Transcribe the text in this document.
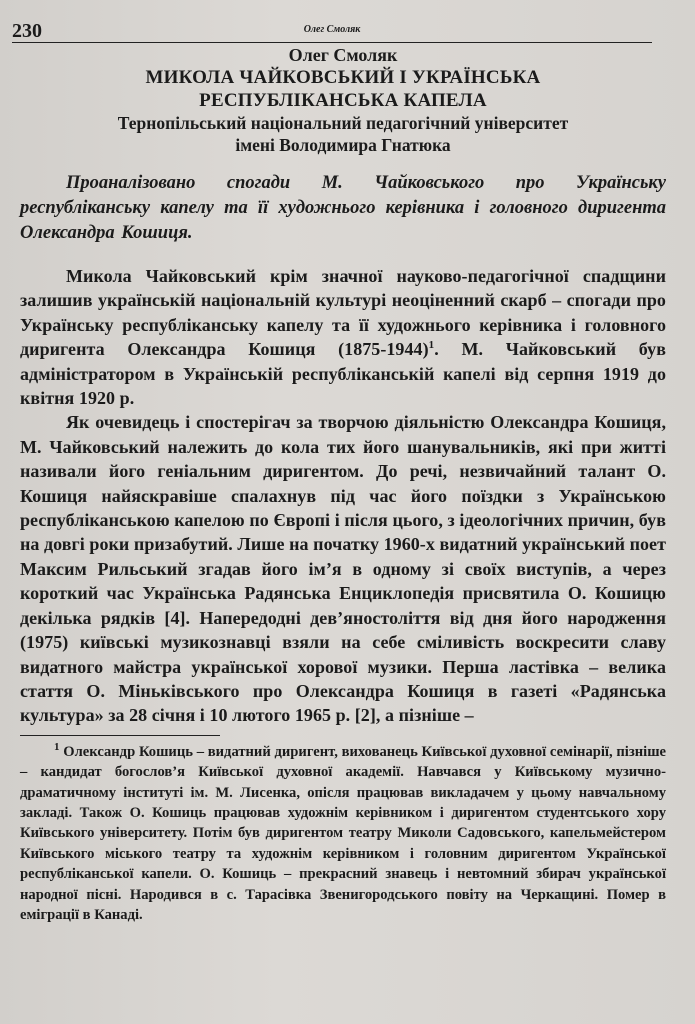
230	Олег Смоляк

Олег Смоляк

МИКОЛА ЧАЙКОВСЬКИЙ І УКРАЇНСЬКА

РЕСПУБЛІКАНСЬКА КАПЕЛА

Тернопільський національний педагогічний університет

імені Володимира Гнатюка

Проаналізовано спогади М. Чайковського про Українську республіканську капелу та її художнього керівника і головного диригента Олександра Кошиця.

Микола Чайковський крім значної науково-педагогічної спадщини залишив українській національній культурі неоціненний скарб – спогади про Українську республіканську капелу та її художнього керівника і головного диригента Олександра Кошиця (1875-1944)$^1$. М. Чайковський був адміністратором в Українській республіканській капелі від серпня 1919 до квітня 1920 р.

Як очевидець і спостерігач за творчою діяльністю Олександра Кошиця, М. Чайковський належить до кола тих його шанувальників, які при житті називали його геніальним диригентом. До речі, незвичайний талант О. Кошиця найяскравіше спалахнув під час його поїздки з Українською республіканською капелою по Європі і після цього, з ідеологічних причин, був на довгі роки призабутий. Лише на початку 1960-х видатний український поет Максим Рильський згадав його ім’я в одному зі своїх виступів, а через короткий час Українська Радянська Енциклопедія присвятила О. Кошицю декілька рядків [4]. Напередодні дев’яностоліття від дня його народження (1975) київські музикознавці взяли на себе сміливість воскресити славу видатного майстра української хорової музики. Перша ластівка – велика стаття О. Міньківського про Олександра Кошиця в газеті «Радянська культура» за 28 січня і 10 лютого 1965 р. [2], а пізніше –

$^1$ Олександр Кошиць – видатний диригент, вихованець Київської духовної семінарії, пізніше – кандидат богослов’я Київської духовної академії. Навчався у Київському музично-драматичному інституті ім. М. Лисенка, опісля працював викладачем у цьому навчальному закладі. Також О. Кошиць працював художнім керівником і диригентом студентського хору Київського університету. Потім був диригентом театру Миколи Садовського, капельмейстером Київського міського театру та художнім керівником і головним диригентом Української республіканської капели. О. Кошиць – прекрасний знавець і невтомний збирач української народної пісні. Народився в с. Тарасівка Звенигородського повіту на Черкащині. Помер в еміграції в Канаді.
